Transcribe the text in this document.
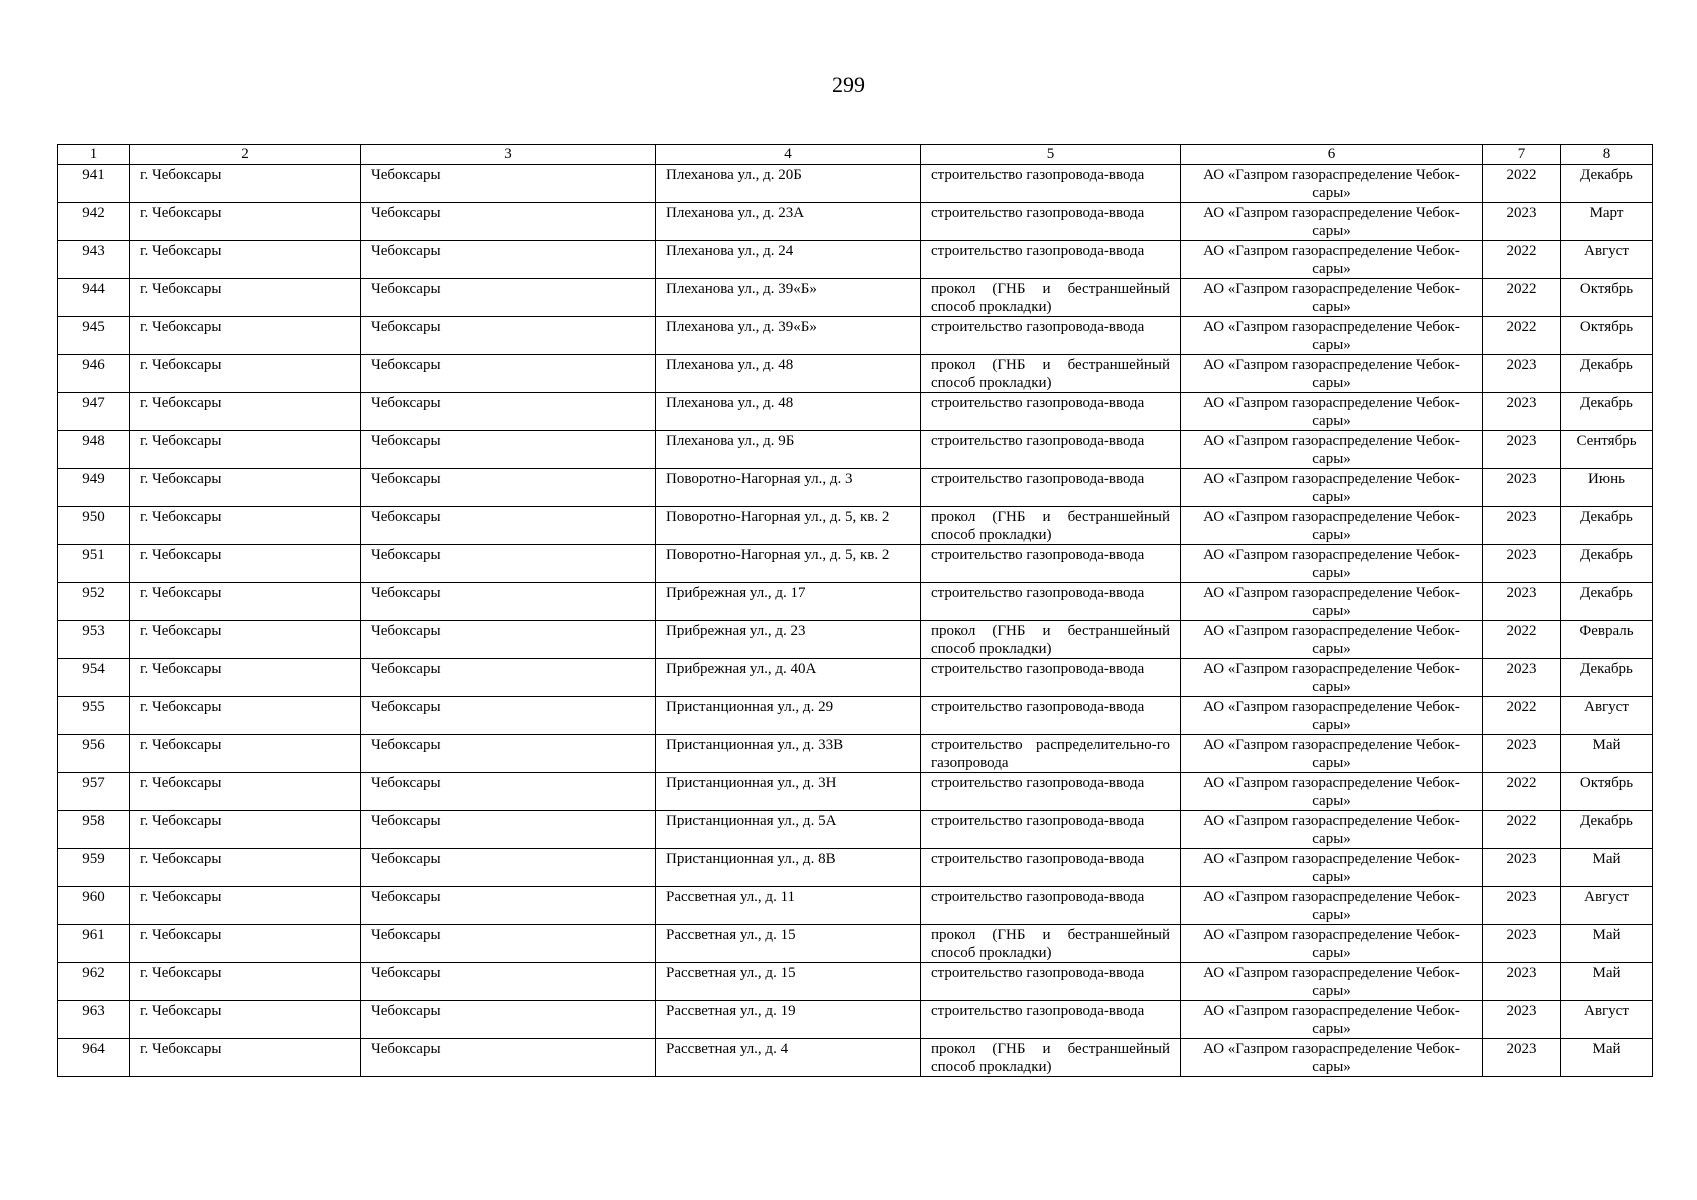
299
1	2	3	4	5	6	7	8
941	г. Чебоксары	Чебоксары	Плеханова ул., д. 20Б	строительство газопровода-ввода	АО «Газпром газораспределение Чебок-сары»	2022	Декабрь
942	г. Чебоксары	Чебоксары	Плеханова ул., д. 23А	строительство газопровода-ввода	АО «Газпром газораспределение Чебок-сары»	2023	Март
943	г. Чебоксары	Чебоксары	Плеханова ул., д. 24	строительство газопровода-ввода	АО «Газпром газораспределение Чебок-сары»	2022	Август
944	г. Чебоксары	Чебоксары	Плеханова ул., д. 39«Б»	прокол (ГНБ и бестраншейный способ прокладки)	АО «Газпром газораспределение Чебок-сары»	2022	Октябрь
945	г. Чебоксары	Чебоксары	Плеханова ул., д. 39«Б»	строительство газопровода-ввода	АО «Газпром газораспределение Чебок-сары»	2022	Октябрь
946	г. Чебоксары	Чебоксары	Плеханова ул., д. 48	прокол (ГНБ и бестраншейный способ прокладки)	АО «Газпром газораспределение Чебок-сары»	2023	Декабрь
947	г. Чебоксары	Чебоксары	Плеханова ул., д. 48	строительство газопровода-ввода	АО «Газпром газораспределение Чебок-сары»	2023	Декабрь
948	г. Чебоксары	Чебоксары	Плеханова ул., д. 9Б	строительство газопровода-ввода	АО «Газпром газораспределение Чебок-сары»	2023	Сентябрь
949	г. Чебоксары	Чебоксары	Поворотно-Нагорная ул., д. 3	строительство газопровода-ввода	АО «Газпром газораспределение Чебок-сары»	2023	Июнь
950	г. Чебоксары	Чебоксары	Поворотно-Нагорная ул., д. 5, кв. 2	прокол (ГНБ и бестраншейный способ прокладки)	АО «Газпром газораспределение Чебок-сары»	2023	Декабрь
951	г. Чебоксары	Чебоксары	Поворотно-Нагорная ул., д. 5, кв. 2	строительство газопровода-ввода	АО «Газпром газораспределение Чебок-сары»	2023	Декабрь
952	г. Чебоксары	Чебоксары	Прибрежная ул., д. 17	строительство газопровода-ввода	АО «Газпром газораспределение Чебок-сары»	2023	Декабрь
953	г. Чебоксары	Чебоксары	Прибрежная ул., д. 23	прокол (ГНБ и бестраншейный способ прокладки)	АО «Газпром газораспределение Чебок-сары»	2022	Февраль
954	г. Чебоксары	Чебоксары	Прибрежная ул., д. 40А	строительство газопровода-ввода	АО «Газпром газораспределение Чебок-сары»	2023	Декабрь
955	г. Чебоксары	Чебоксары	Пристанционная ул., д. 29	строительство газопровода-ввода	АО «Газпром газораспределение Чебок-сары»	2022	Август
956	г. Чебоксары	Чебоксары	Пристанционная ул., д. 33В	строительство распределительно-го газопровода	АО «Газпром газораспределение Чебок-сары»	2023	Май
957	г. Чебоксары	Чебоксары	Пристанционная ул., д. 3Н	строительство газопровода-ввода	АО «Газпром газораспределение Чебок-сары»	2022	Октябрь
958	г. Чебоксары	Чебоксары	Пристанционная ул., д. 5А	строительство газопровода-ввода	АО «Газпром газораспределение Чебок-сары»	2022	Декабрь
959	г. Чебоксары	Чебоксары	Пристанционная ул., д. 8В	строительство газопровода-ввода	АО «Газпром газораспределение Чебок-сары»	2023	Май
960	г. Чебоксары	Чебоксары	Рассветная ул., д. 11	строительство газопровода-ввода	АО «Газпром газораспределение Чебок-сары»	2023	Август
961	г. Чебоксары	Чебоксары	Рассветная ул., д. 15	прокол (ГНБ и бестраншейный способ прокладки)	АО «Газпром газораспределение Чебок-сары»	2023	Май
962	г. Чебоксары	Чебоксары	Рассветная ул., д. 15	строительство газопровода-ввода	АО «Газпром газораспределение Чебок-сары»	2023	Май
963	г. Чебоксары	Чебоксары	Рассветная ул., д. 19	строительство газопровода-ввода	АО «Газпром газораспределение Чебок-сары»	2023	Август
964	г. Чебоксары	Чебоксары	Рассветная ул., д. 4	прокол (ГНБ и бестраншейный способ прокладки)	АО «Газпром газораспределение Чебок-сары»	2023	Май
